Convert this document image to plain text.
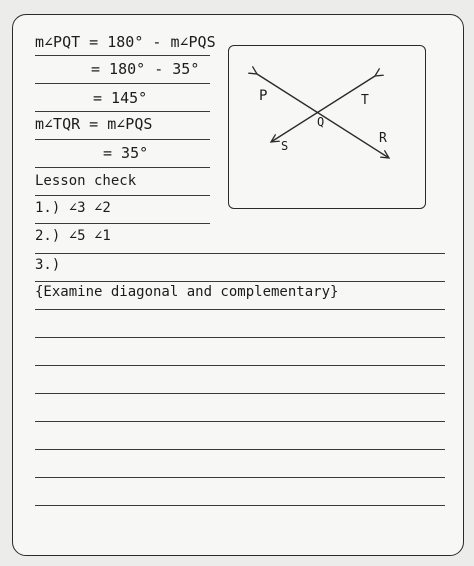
m∠PQT = 180° - m∠PQS
= 180° - 35°
= 145°
m∠TQR = m∠PQS
= 35°
Lesson check
1.) ∠3 ∠2
2.) ∠5 ∠1
3.)
{Examine diagonal and complementary}
P	T
Q
S	R
